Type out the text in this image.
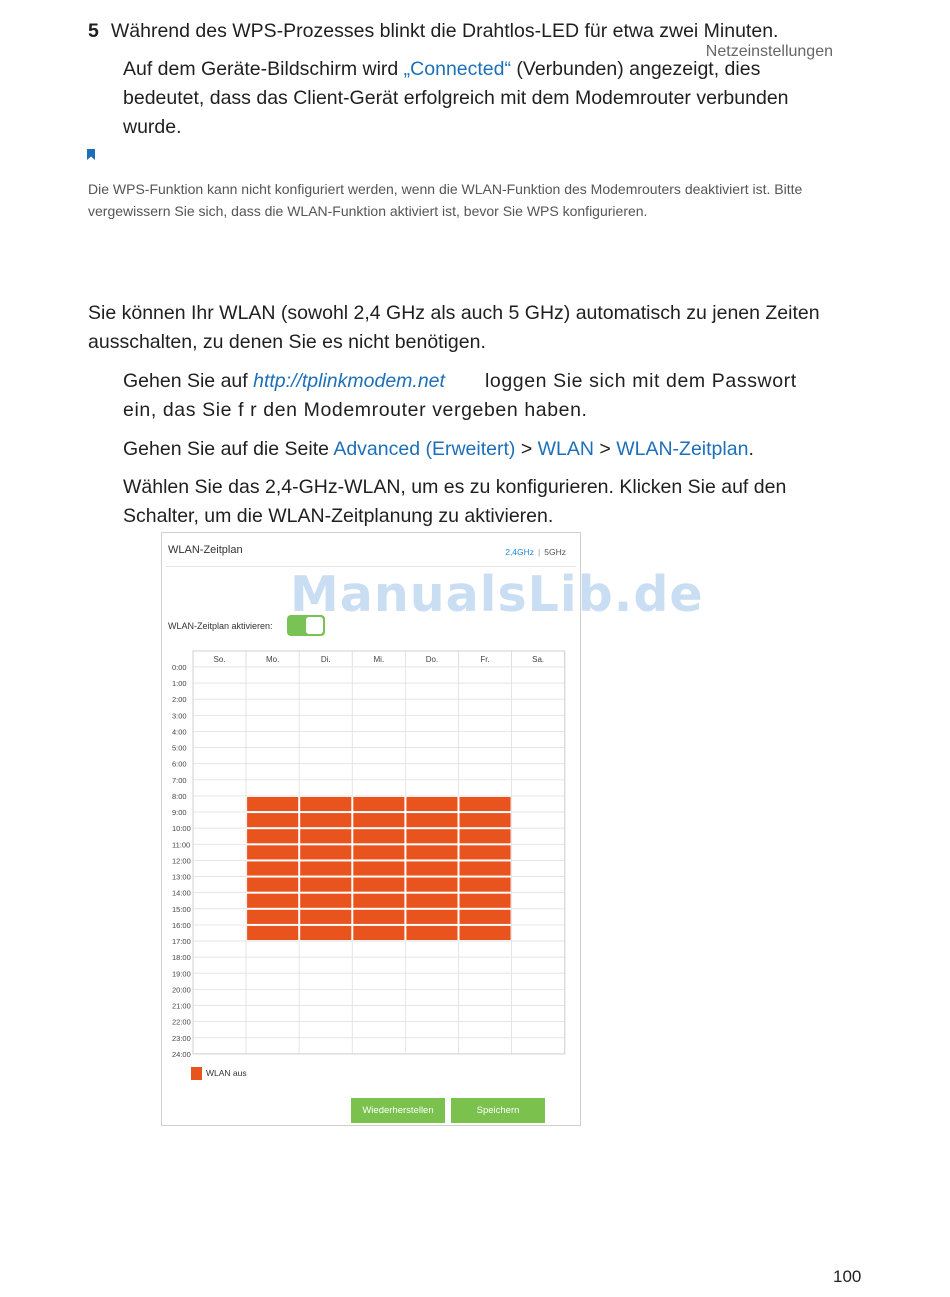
Netzeinstellungen
5 Während des WPS-Prozesses blinkt die Drahtlos-LED für etwa zwei Minuten.
Auf dem Geräte-Bildschirm wird „Connected“ (Verbunden) angezeigt, dies
bedeutet, dass das Client-Gerät erfolgreich mit dem Modemrouter verbunden
wurde.
Die WPS-Funktion kann nicht konfiguriert werden, wenn die WLAN-Funktion des Modemrouters deaktiviert ist. Bitte
vergewissern Sie sich, dass die WLAN-Funktion aktiviert ist, bevor Sie WPS konfigurieren.
Sie können Ihr WLAN (sowohl 2,4 GHz als auch 5 GHz) automatisch zu jenen Zeiten
ausschalten, zu denen Sie es nicht benötigen.
Gehen Sie auf http://tplinkmodem.net loggen Sie sich mit dem Passwort
ein, das Sie f r den Modemrouter vergeben haben.
Gehen Sie auf die Seite Advanced (Erweitert) > WLAN > WLAN-Zeitplan.
Wählen Sie das 2,4-GHz-WLAN, um es zu konfigurieren. Klicken Sie auf den
Schalter, um die WLAN-Zeitplanung zu aktivieren.
WLAN-Zeitplan	2,4GHz | 5GHz
WLAN-Zeitplan aktivieren:
So.	Mo.	Di.	Mi.	Do.	Fr.	Sa.
0:00
1:00
2:00
3:00
4:00
5:00
6:00
7:00
8:00
9:00
10:00
11:00
12:00
13:00
14:00
15:00
16:00
17:00
18:00
19:00
20:00
21:00
22:00
23:00
24:00
WLAN aus
Wiederherstellen	Speichern
ManualsLib.de
100
